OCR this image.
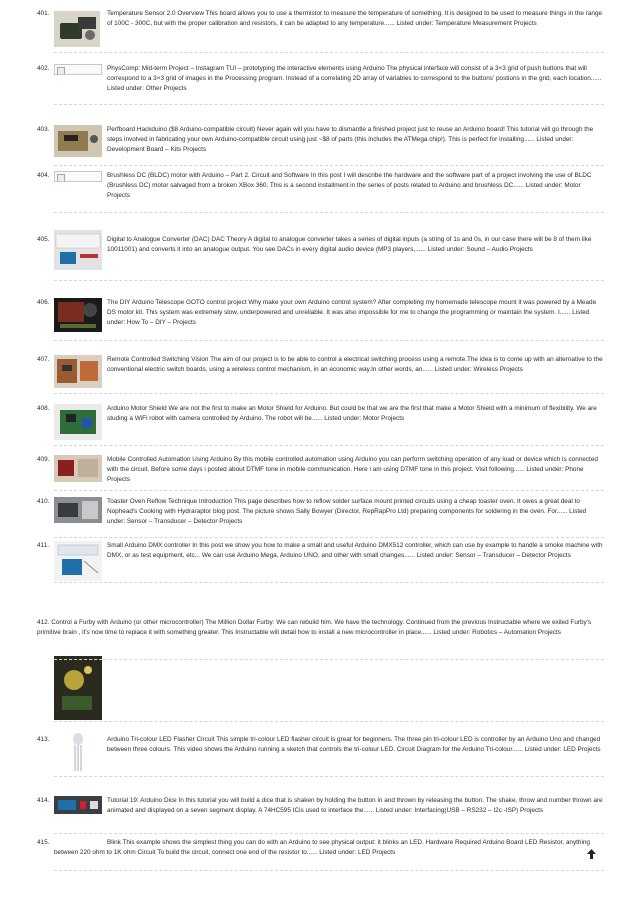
401.	Temperature Sensor 2.0 Overview This board allows you to use a thermistor to measure the temperature of something. It is designed to be used to measure things in the range of 100C - 300C, but with the proper calibration and resistors, it can be adapted to any temperature...... Listed under: Temperature Measurement Projects
402.	PhysComp: Mid-term Project – Instagram TUI – prototyping the interactive elements using Arduino The physical interface will consist of a 3×3 grid of push buttons that will correspond to a 3×3 grid of images in the Processing program. Instead of a correlating 2D array of variables to correspond to the buttons' postions in the grid, each location...... Listed under: Other Projects
403.	Perfboard Hackduino ($8 Arduino-compatible circuit) Never again will you have to dismantle a finished project just to reuse an Arduino board! This tutorial will go through the steps involved in fabricating your own Arduino-compatible circuit using just ~$8 of parts (this includes the ATMega chip!). This is perfect for installing...... Listed under: Development Board – Kits Projects
404.	Brushless DC (BLDC) motor with Arduino – Part 2. Circuit and Software In this post I will describe the hardware and the software part of a project involving the use of BLDC (Brushless DC) motor salvaged from a broken XBox 360. This is a second installment in the series of posts related to Arduino and brushless DC...... Listed under: Motor Projects
405.	Digital to Analogue Converter (DAC) DAC Theory A digital to analogue converter takes a series of digital inputs (a string of 1s and 0s, in our case there will be 8 of them like 10011001) and converts it into an analogue output. You see DACs in every digital audio device (MP3 players,...... Listed under: Sound – Audio Projects
406.	The DIY Arduino Telescope GOTO control project Why make your own Arduino control system? After completing my homemade telescope mount it was powered by a Meade DS motor kit. This system was extremely slow, underpowered and unreliable. It was also impossible for me to change the programming or maintain the system. I...... Listed under: How To – DIY – Projects
407.	Remote Controlled Switching Vision The aim of our project is to be able to control a electrical switching process using a remote.The idea is to come up with an alternative to the conventional electric switch boards, using a wireless control mechanism, in an economic way.In other words, an...... Listed under: Wireless Projects
408.	Arduino Motor Shield We are not the first to make an Motor Shield for Arduino. But could be that we are the first that make a Motor Shield with a minimum of flexibility. We are studing a WiFi robot with camera controlled by Arduino. The robot will be...... Listed under: Motor Projects
409.	Mobile Controlled Automation Using Arduino By this mobile controlled automation using Arduino you can perform switching operation of any load or device which is connected with the circuit. Before some days i posted about DTMF tone in mobile communication. Here i am using DTMF tone in this project. Visit following...... Listed under: Phone Projects
410.	Toaster Oven Reflow Technique Introduction This page describes how to reflow solder surface mount printed circuits using a cheap toaster oven. It owes a great deal to Nophead's Cooking with Hydraraptor blog post. The picture shows Sally Bowyer (Director, RepRapPro Ltd) preparing components for soldering in the oven. For...... Listed under: Sensor – Transducer – Detector Projects
411.	Small Arduino DMX controller In this post we show you how to make a small and useful Arduino DMX512 controller, which can use by example to handle a smoke machine with DMX, or as test equipment, etc... We can use Arduino Mega, Arduino UNO, and other with small changes...... Listed under: Sensor – Transducer – Detector Projects
412. Control a Furby with Arduino (or other microcontroller) The Million Dollar Furby: We can rebuild him. We have the technology. Continued from the previous Instructable where we exiled Furby's primitive brain , it's now time to replace it with something greater. This Instructable will detail how to install a new microcontroller in place...... Listed under: Robotics – Automation Projects
413.	Arduino Tri-colour LED Flasher Circuit This simple tri-colour LED flasher circuit is great for beginners. The three pin tri-colour LED is controller by an Arduino Uno and changed between three colours. This video shows the Arduino running a sketch that controls the tri-colour LED. Circuit Diagram for the Arduino Tri-colour...... Listed under: LED Projects
414.	Tutorial 19: Arduino Dice In this tutorial you will build a dice that is shaken by holding the button in and thrown by releasing the button. The shake, throw and number thrown are animated and displayed on a seven segment display. A 74HC595 ICis used to interface the...... Listed under: Interfacing(USB – RS232 – I2c -ISP) Projects
415.	Blink This example shows the simplest thing you can do with an Arduino to see physical output: it blinks an LED. Hardware Required Arduino Board LED Resistor, anything between 220 ohm to 1K ohm Circuit To build the circuit, connect one end of the resistor to...... Listed under: LED Projects
